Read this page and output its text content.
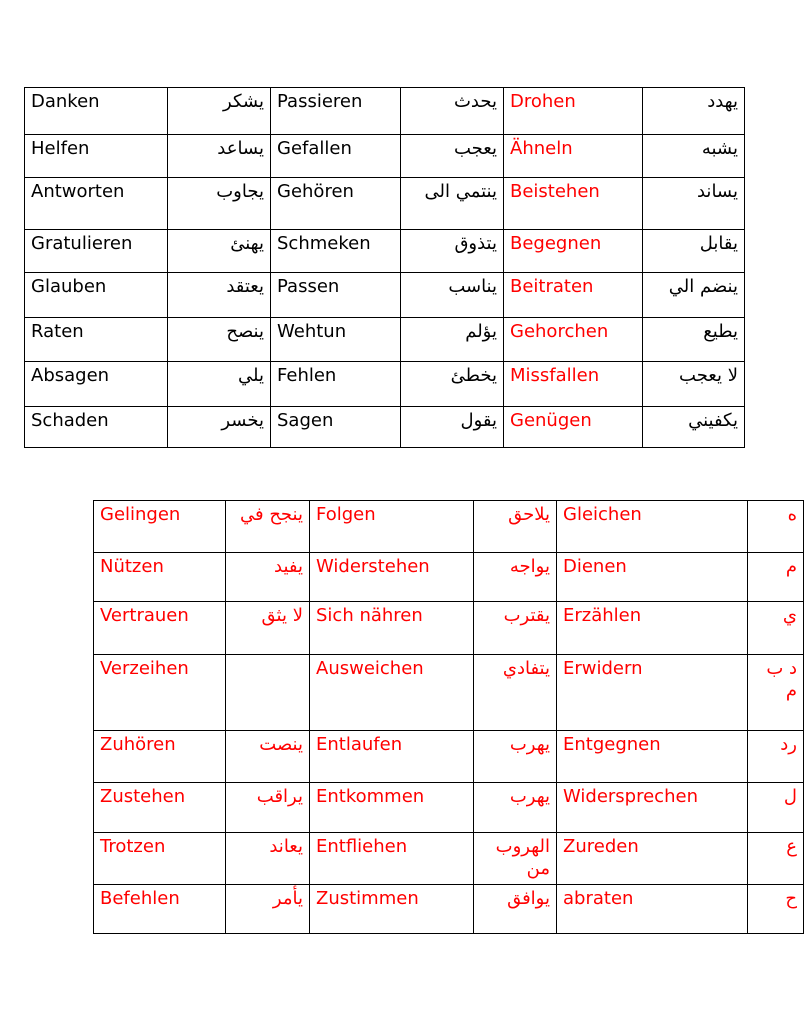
Danken	يشكر	Passieren	يحدث	Drohen	يهدد
Helfen	يساعد	Gefallen	يعجب	Ähneln	يشبه
Antworten	يجاوب	Gehören	ينتمي الى	Beistehen	يساند
Gratulieren	يهنئ	Schmeken	يتذوق	Begegnen	يقابل
Glauben	يعتقد	Passen	يناسب	Beitraten	ينضم الي
Raten	ينصح	Wehtun	يؤلم	Gehorchen	يطيع
Absagen	يلي	Fehlen	يخطئ	Missfallen	لا يعجب
Schaden	يخسر	Sagen	يقول	Genügen	يكفيني
Gelingen	ينجح في	Folgen	يلاحق	Gleichen	ه
Nützen	يفيد	Widerstehen	يواجه	Dienen	م
Vertrauen	لا يثق	Sich nähren	يقترب	Erzählen	ي
Verzeihen		Ausweichen	يتفادي	Erwidern	د ب م
Zuhören	ينصت	Entlaufen	يهرب	Entgegnen	رد
Zustehen	يراقب	Entkommen	يهرب	Widersprechen	ل
Trotzen	يعاند	Entfliehen	الهروب من	Zureden	ع
Befehlen	يأمر	Zustimmen	يوافق	abraten	ح
